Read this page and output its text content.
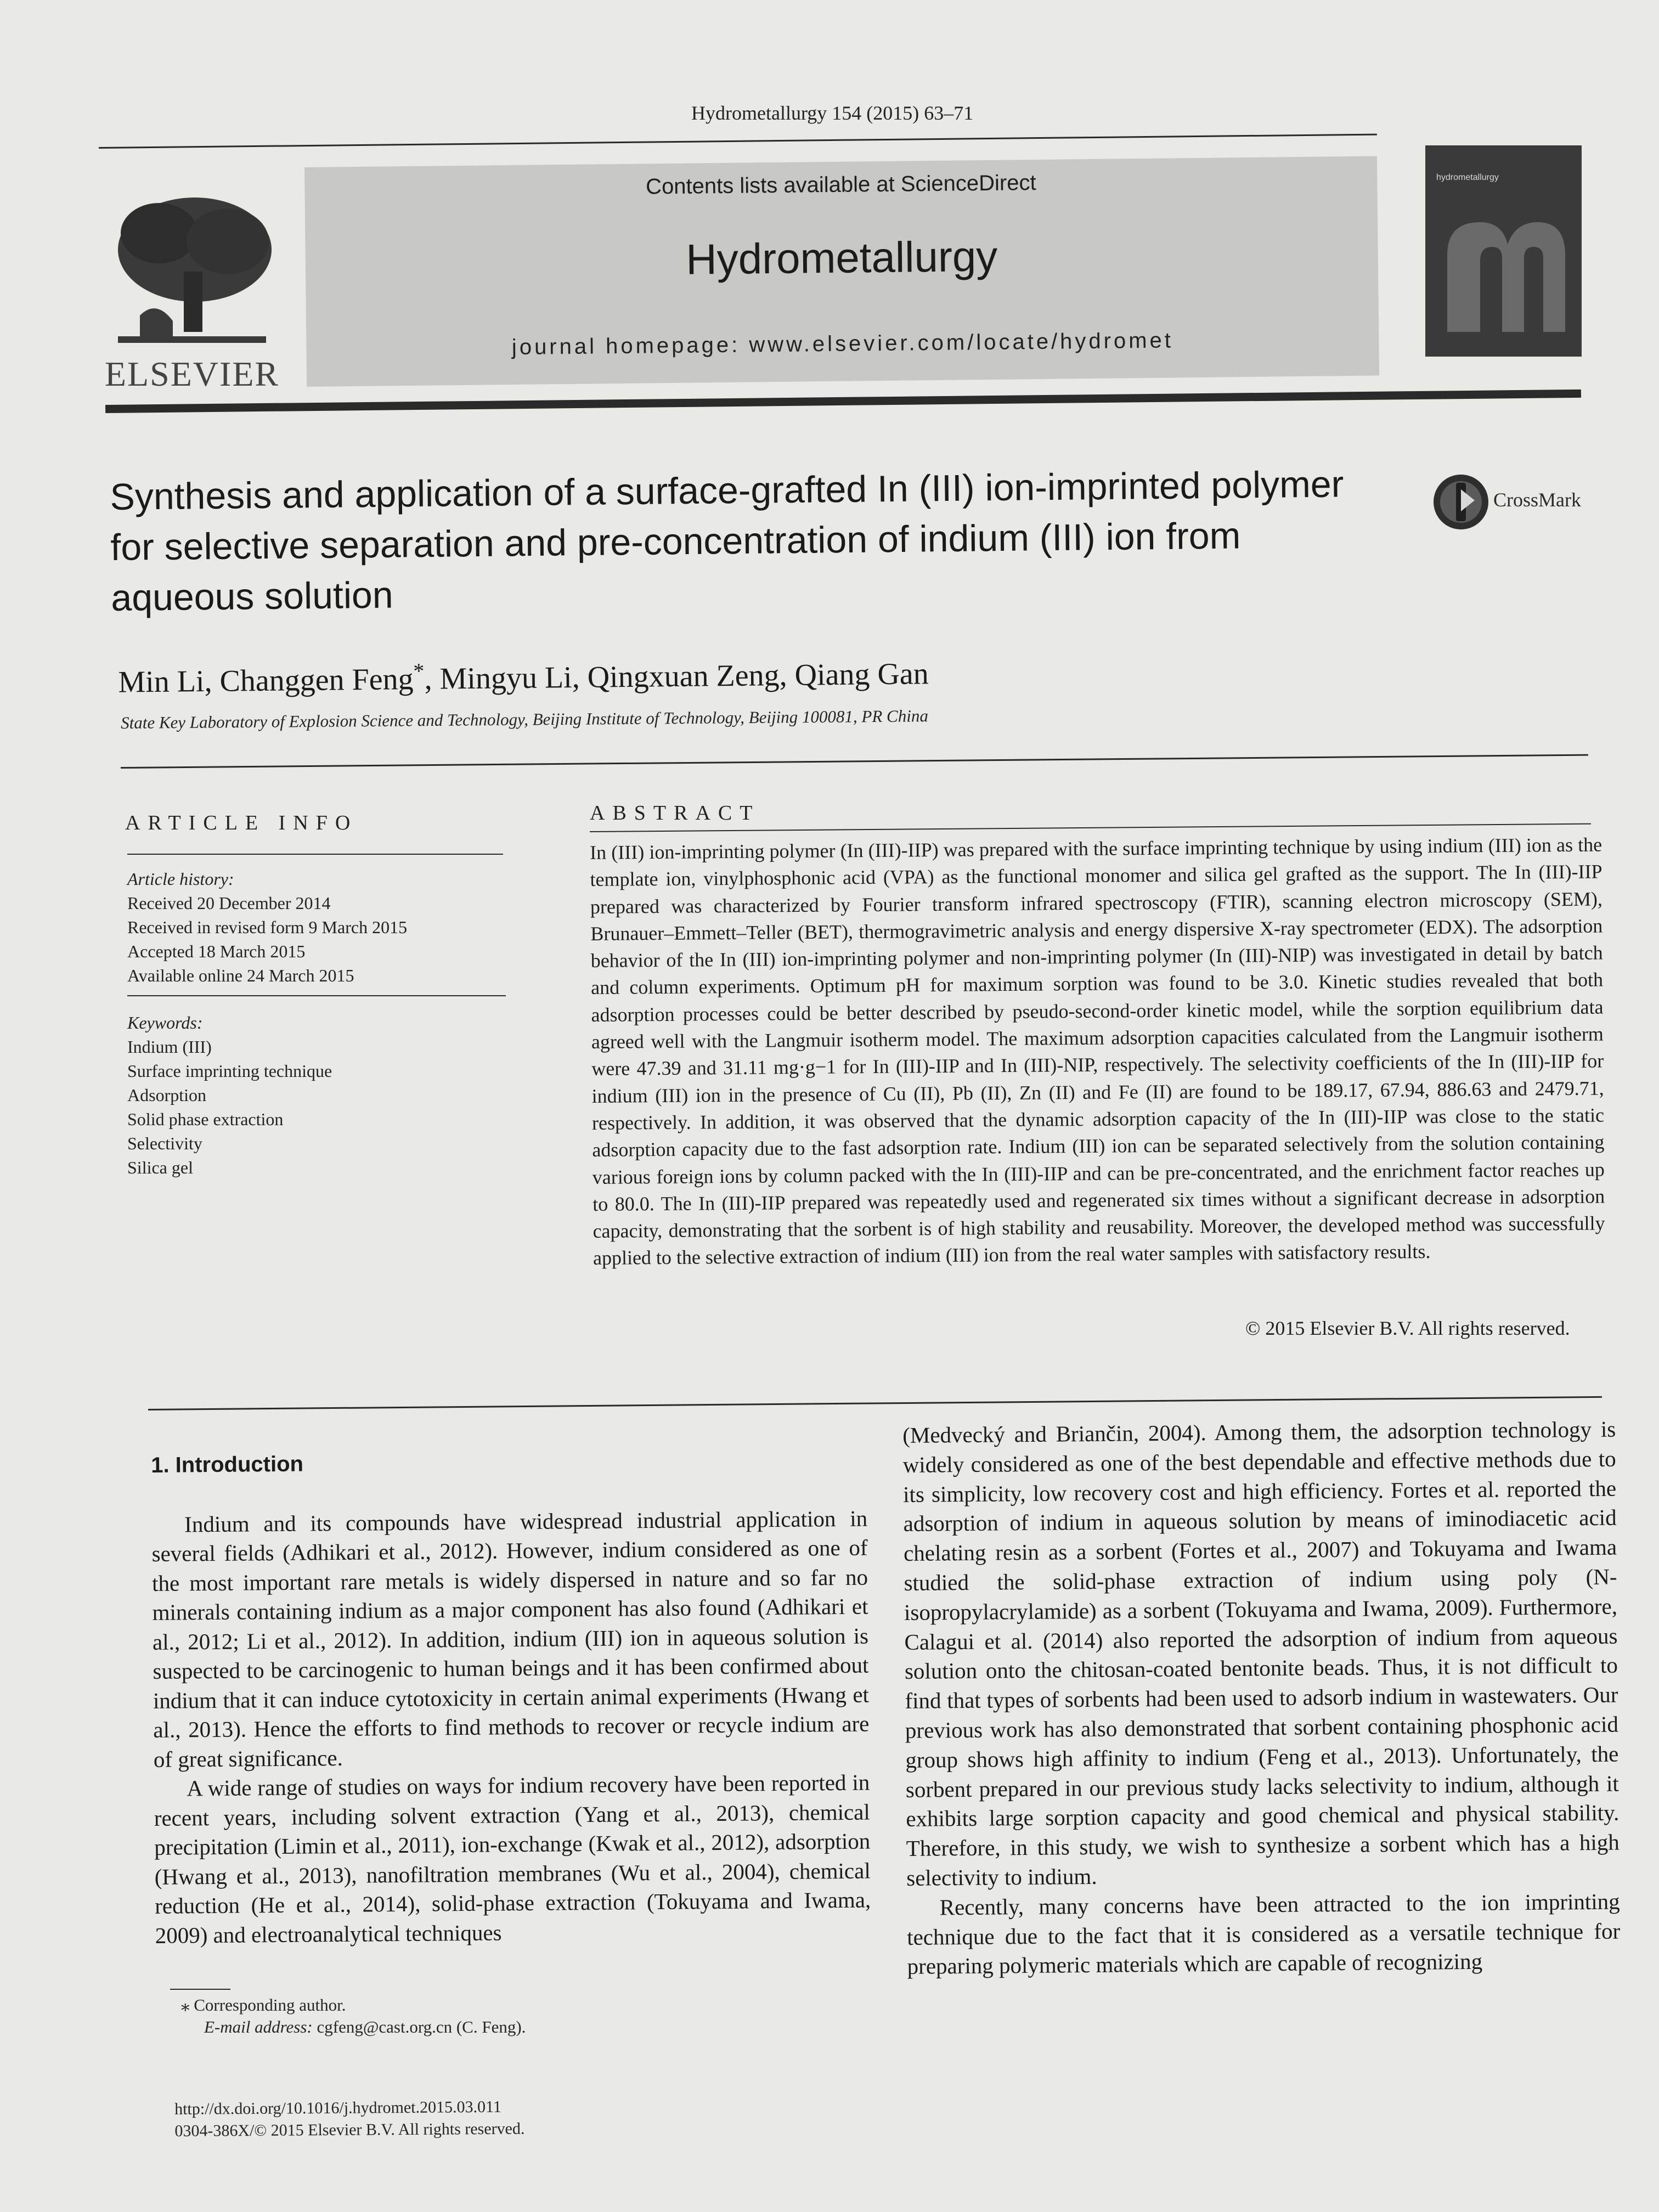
Hydrometallurgy 154 (2015) 63–71
ELSEVIER
Contents lists available at ScienceDirect
Hydrometallurgy
journal homepage: www.elsevier.com/locate/hydromet
hydrometallurgy
CrossMark
Synthesis and application of a surface-grafted In (III) ion-imprinted polymer for selective separation and pre-concentration of indium (III) ion from aqueous solution
Min Li, Changgen Feng*, Mingyu Li, Qingxuan Zeng, Qiang Gan
State Key Laboratory of Explosion Science and Technology, Beijing Institute of Technology, Beijing 100081, PR China
ARTICLE INFO
Article history:
Received 20 December 2014
Received in revised form 9 March 2015
Accepted 18 March 2015
Available online 24 March 2015
Keywords:
Indium (III)
Surface imprinting technique
Adsorption
Solid phase extraction
Selectivity
Silica gel
ABSTRACT
In (III) ion-imprinting polymer (In (III)-IIP) was prepared with the surface imprinting technique by using indium (III) ion as the template ion, vinylphosphonic acid (VPA) as the functional monomer and silica gel grafted as the support. The In (III)-IIP prepared was characterized by Fourier transform infrared spectroscopy (FTIR), scanning electron microscopy (SEM), Brunauer–Emmett–Teller (BET), thermogravimetric analysis and energy dispersive X-ray spectrometer (EDX). The adsorption behavior of the In (III) ion-imprinting polymer and non-imprinting polymer (In (III)-NIP) was investigated in detail by batch and column experiments. Optimum pH for maximum sorption was found to be 3.0. Kinetic studies revealed that both adsorption processes could be better described by pseudo-second-order kinetic model, while the sorption equilibrium data agreed well with the Langmuir isotherm model. The maximum adsorption capacities calculated from the Langmuir isotherm were 47.39 and 31.11 mg·g−1 for In (III)-IIP and In (III)-NIP, respectively. The selectivity coefficients of the In (III)-IIP for indium (III) ion in the presence of Cu (II), Pb (II), Zn (II) and Fe (II) are found to be 189.17, 67.94, 886.63 and 2479.71, respectively. In addition, it was observed that the dynamic adsorption capacity of the In (III)-IIP was close to the static adsorption capacity due to the fast adsorption rate. Indium (III) ion can be separated selectively from the solution containing various foreign ions by column packed with the In (III)-IIP and can be pre-concentrated, and the enrichment factor reaches up to 80.0. The In (III)-IIP prepared was repeatedly used and regenerated six times without a significant decrease in adsorption capacity, demonstrating that the sorbent is of high stability and reusability. Moreover, the developed method was successfully applied to the selective extraction of indium (III) ion from the real water samples with satisfactory results.
© 2015 Elsevier B.V. All rights reserved.
1. Introduction

Indium and its compounds have widespread industrial application in several fields (Adhikari et al., 2012). However, indium considered as one of the most important rare metals is widely dispersed in nature and so far no minerals containing indium as a major component has also found (Adhikari et al., 2012; Li et al., 2012). In addition, indium (III) ion in aqueous solution is suspected to be carcinogenic to human beings and it has been confirmed about indium that it can induce cytotoxicity in certain animal experiments (Hwang et al., 2013). Hence the efforts to find methods to recover or recycle indium are of great significance.

A wide range of studies on ways for indium recovery have been reported in recent years, including solvent extraction (Yang et al., 2013), chemical precipitation (Limin et al., 2011), ion-exchange (Kwak et al., 2012), adsorption (Hwang et al., 2013), nanofiltration membranes (Wu et al., 2004), chemical reduction (He et al., 2014), solid-phase extraction (Tokuyama and Iwama, 2009) and electroanalytical techniques

(Medvecký and Briančin, 2004). Among them, the adsorption technology is widely considered as one of the best dependable and effective methods due to its simplicity, low recovery cost and high efficiency. Fortes et al. reported the adsorption of indium in aqueous solution by means of iminodiacetic acid chelating resin as a sorbent (Fortes et al., 2007) and Tokuyama and Iwama studied the solid-phase extraction of indium using poly (N-isopropylacrylamide) as a sorbent (Tokuyama and Iwama, 2009). Furthermore, Calagui et al. (2014) also reported the adsorption of indium from aqueous solution onto the chitosan-coated bentonite beads. Thus, it is not difficult to find that types of sorbents had been used to adsorb indium in wastewaters. Our previous work has also demonstrated that sorbent containing phosphonic acid group shows high affinity to indium (Feng et al., 2013). Unfortunately, the sorbent prepared in our previous study lacks selectivity to indium, although it exhibits large sorption capacity and good chemical and physical stability. Therefore, in this study, we wish to synthesize a sorbent which has a high selectivity to indium.

Recently, many concerns have been attracted to the ion imprinting technique due to the fact that it is considered as a versatile technique for preparing polymeric materials which are capable of recognizing

⁎ Corresponding author.
E-mail address: cgfeng@cast.org.cn (C. Feng).
http://dx.doi.org/10.1016/j.hydromet.2015.03.011
0304-386X/© 2015 Elsevier B.V. All rights reserved.
